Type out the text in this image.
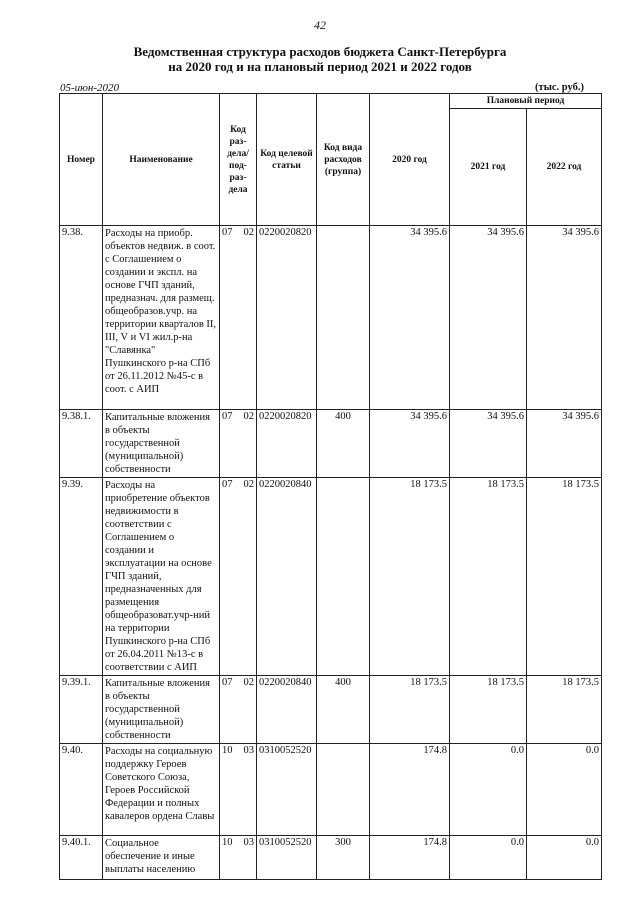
42
Ведомственная структура расходов бюджета Санкт-Петербурга
на 2020 год и на плановый период 2021 и 2022 годов
05-июн-2020	(тыс. руб.)
Номер	Наименование	Код раз-дела/ под-раз-дела	Код целевой статьи	Код вида расходов (группа)	2020 год	Плановый период	
						2021 год	2022 год
9.38.	Расходы на приобр. объектов недвиж. в соот. с Соглашением о создании и экспл. на основе ГЧП зданий, предназнач. для размещ. общеобразов.учр. на территории кварталов II, III, V и VI жил.р-на "Славянка" Пушкинского р-на СПб от 26.11.2012 №45-с в соот. с АИП	07 02	0220020820		34 395.6	34 395.6	34 395.6
9.38.1.	Капитальные вложения в объекты государственной (муниципальной) собственности	07 02	0220020820	400	34 395.6	34 395.6	34 395.6
9.39.	Расходы на приобретение объектов недвижимости в соответствии с Соглашением о создании и эксплуатации на основе ГЧП зданий, предназначенных для размещения общеобразоват.учр-ний на территории Пушкинского р-на СПб от 26.04.2011 №13-с в соответствии с АИП	07 02	0220020840		18 173.5	18 173.5	18 173.5
9.39.1.	Капитальные вложения в объекты государственной (муниципальной) собственности	07 02	0220020840	400	18 173.5	18 173.5	18 173.5
9.40.	Расходы на социальную поддержку Героев Советского Союза, Героев Российской Федерации и полных кавалеров ордена Славы	10 03	0310052520		174.8	0.0	0.0
9.40.1.	Социальное обеспечение и иные выплаты населению	10 03	0310052520	300	174.8	0.0	0.0
